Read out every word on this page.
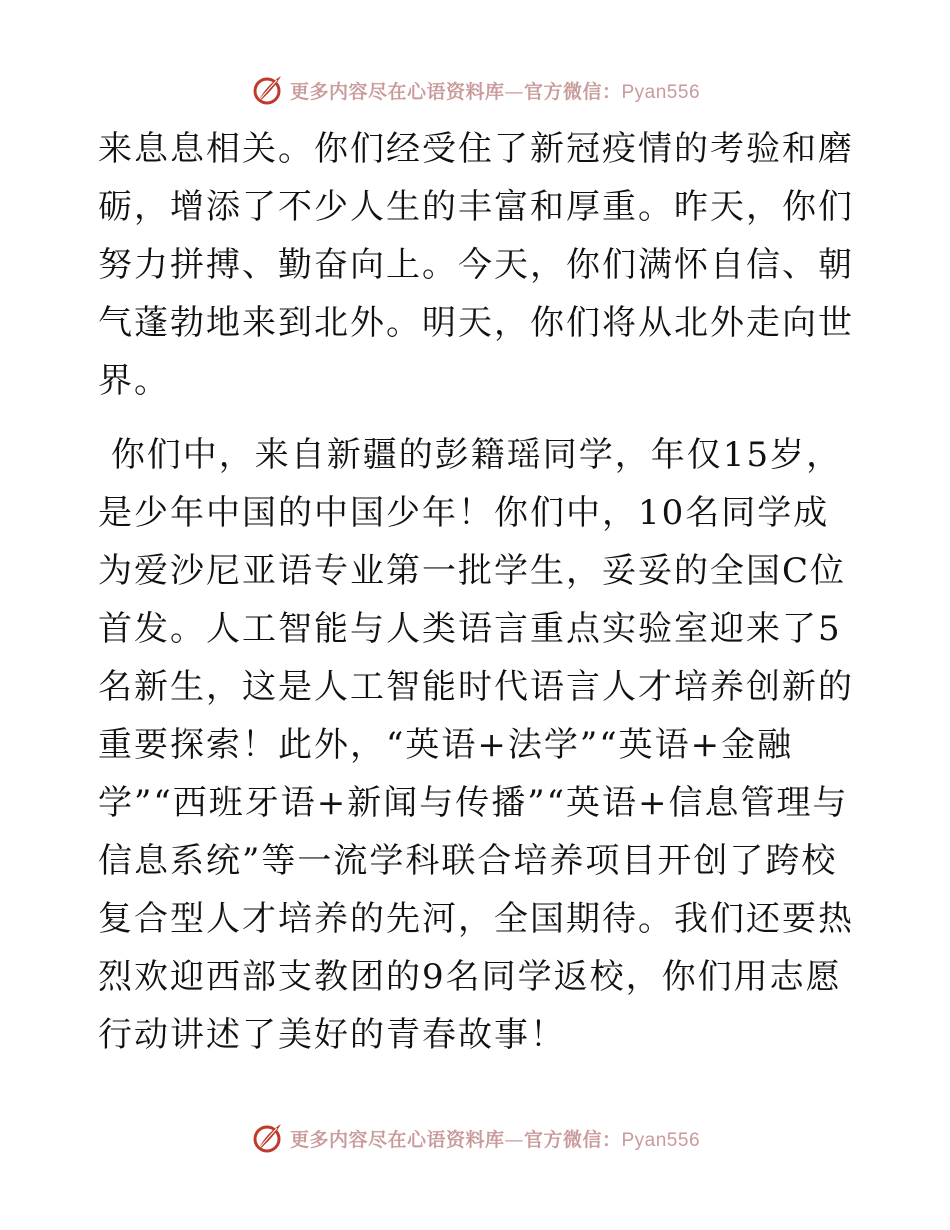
更多内容尽在心语资料库—官方微信：Pyan556

来息息相关。你们经受住了新冠疫情的考验和磨砺，增添了不少人生的丰富和厚重。昨天，你们努力拼搏、勤奋向上。今天，你们满怀自信、朝气蓬勃地来到北外。明天，你们将从北外走向世界。

你们中，来自新疆的彭籍瑶同学，年仅15岁，是少年中国的中国少年！你们中，10名同学成为爱沙尼亚语专业第一批学生，妥妥的全国C位首发。人工智能与人类语言重点实验室迎来了5名新生，这是人工智能时代语言人才培养创新的重要探索！此外，“英语+法学”“英语+金融学”“西班牙语+新闻与传播”“英语+信息管理与信息系统”等一流学科联合培养项目开创了跨校复合型人才培养的先河，全国期待。我们还要热烈欢迎西部支教团的9名同学返校，你们用志愿行动讲述了美好的青春故事！

更多内容尽在心语资料库—官方微信：Pyan556
